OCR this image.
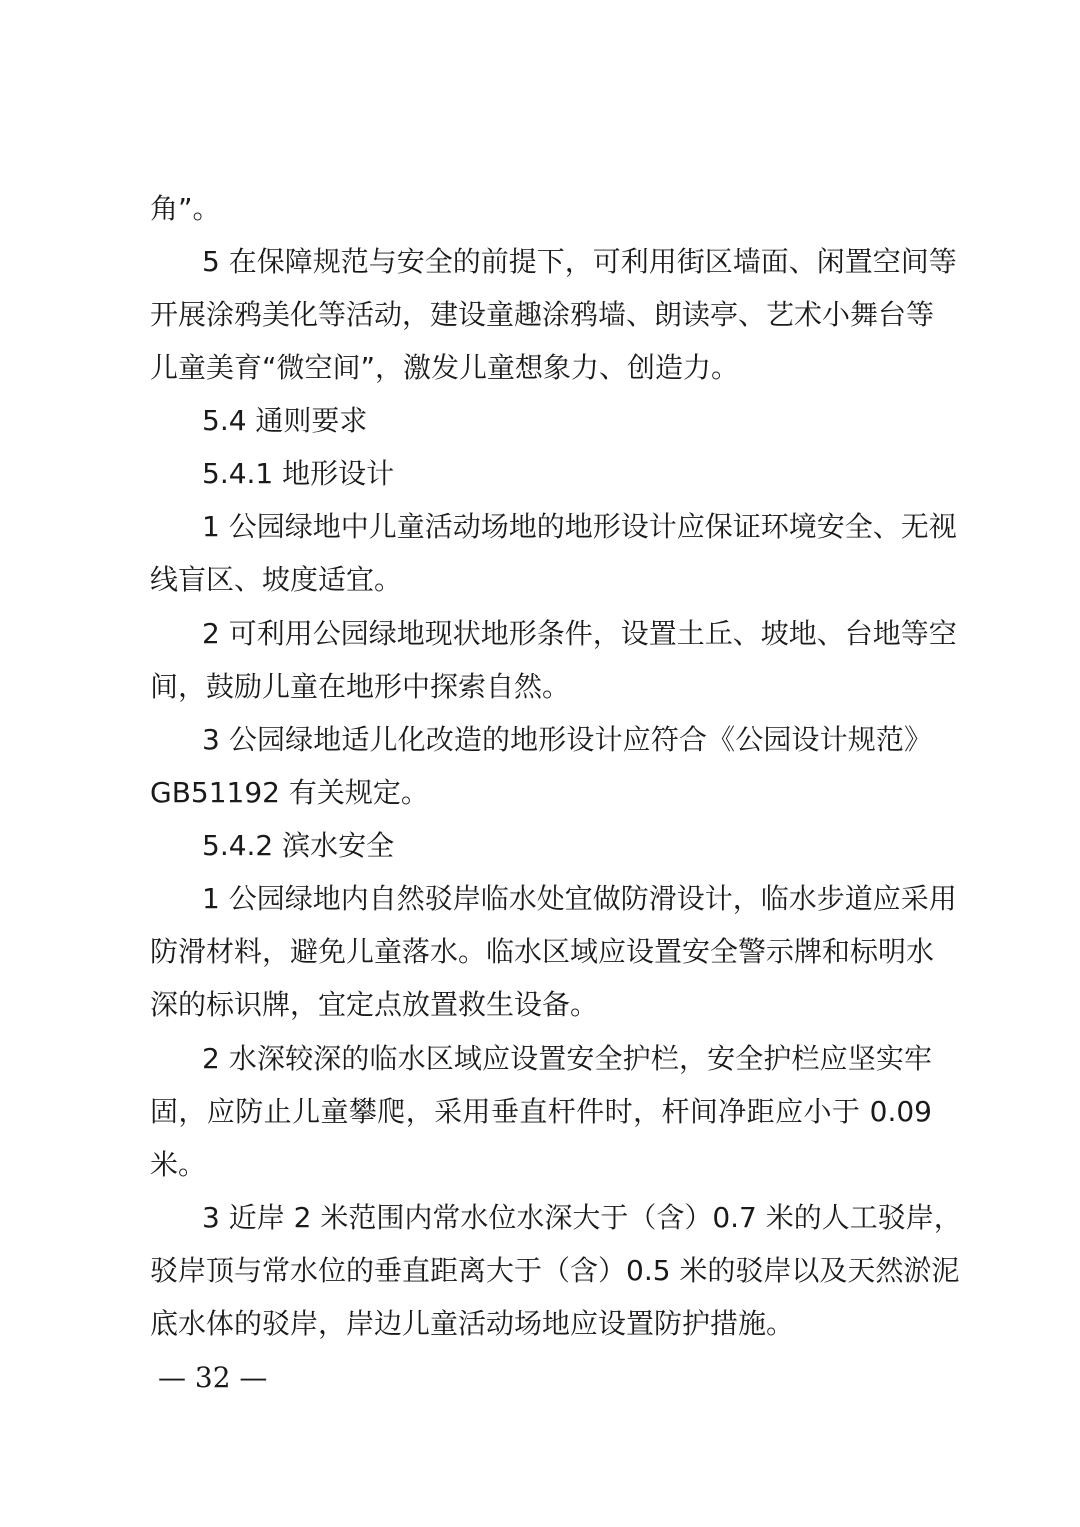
角”。
5 在保障规范与安全的前提下，可利用街区墙面、闲置空间等
开展涂鸦美化等活动，建设童趣涂鸦墙、朗读亭、艺术小舞台等
儿童美育“微空间”，激发儿童想象力、创造力。
5.4 通则要求
5.4.1 地形设计
1 公园绿地中儿童活动场地的地形设计应保证环境安全、无视
线盲区、坡度适宜。
2 可利用公园绿地现状地形条件，设置土丘、坡地、台地等空
间，鼓励儿童在地形中探索自然。
3 公园绿地适儿化改造的地形设计应符合《公园设计规范》
GB51192 有关规定。
5.4.2 滨水安全
1 公园绿地内自然驳岸临水处宜做防滑设计，临水步道应采用
防滑材料，避免儿童落水。临水区域应设置安全警示牌和标明水
深的标识牌，宜定点放置救生设备。
2 水深较深的临水区域应设置安全护栏，安全护栏应坚实牢
固，应防止儿童攀爬，采用垂直杆件时，杆间净距应小于 0.09
米。
3 近岸 2 米范围内常水位水深大于（含）0.7 米的人工驳岸，
驳岸顶与常水位的垂直距离大于（含）0.5 米的驳岸以及天然淤泥
底水体的驳岸，岸边儿童活动场地应设置防护措施。
— 32 —
